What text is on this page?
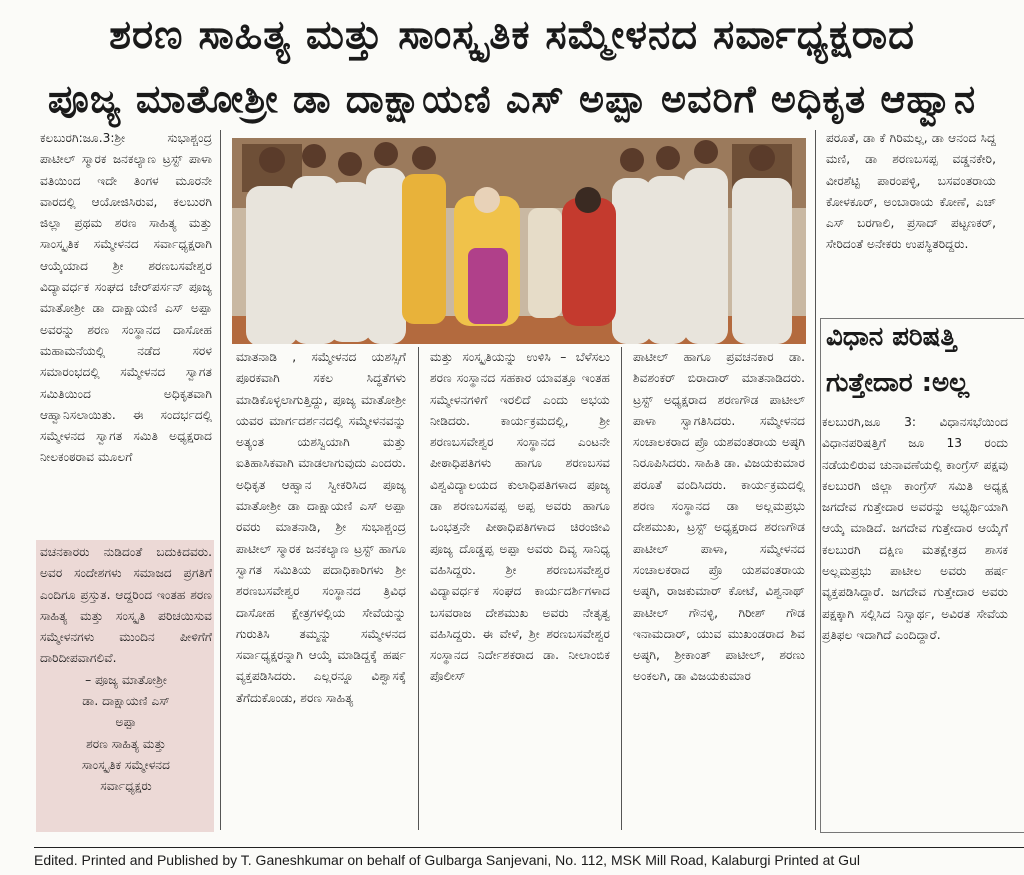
ಶರಣ ಸಾಹಿತ್ಯ ಮತ್ತು ಸಾಂಸ್ಕೃತಿಕ ಸಮ್ಮೇಳನದ ಸರ್ವಾಧ್ಯಕ್ಷರಾದ
ಪೂಜ್ಯ ಮಾತೋಶ್ರೀ ಡಾ ದಾಕ್ಷಾಯಣಿ ಎಸ್ ಅಪ್ಪಾ ಅವರಿಗೆ ಅಧಿಕೃತ ಆಹ್ವಾನ

ಕಲಬುರಗಿ:ಜೂ.3:ಶ್ರೀ ಸುಭಾಶ್ಚಂದ್ರ ಪಾಟೀಲ್ ಸ್ಮಾರಕ ಜನಕಲ್ಯಾಣ ಟ್ರಸ್ಟ್ ಪಾಳಾ ವತಿಯಿಂದ ಇದೇ ತಿಂಗಳ ಮೂರನೇ ವಾರದಲ್ಲಿ ಆಯೋಜಿಸಿರುವ, ಕಲಬುರಗಿ ಜಿಲ್ಲಾ ಪ್ರಥಮ ಶರಣ ಸಾಹಿತ್ಯ ಮತ್ತು ಸಾಂಸ್ಕೃತಿಕ ಸಮ್ಮೇಳನದ ಸರ್ವಾಧ್ಯಕ್ಷರಾಗಿ ಆಯ್ಕೆಯಾದ ಶ್ರೀ ಶರಣಬಸವೇಶ್ವರ ವಿದ್ಯಾವರ್ಧಕ ಸಂಘದ ಚೇರ್‌ಪರ್ಸನ್ ಪೂಜ್ಯ ಮಾತೋಶ್ರೀ ಡಾ ದಾಕ್ಷಾಯಣಿ ಎಸ್ ಅಪ್ಪಾ ಅವರನ್ನು ಶರಣ ಸಂಸ್ಥಾನದ ದಾಸೋಹ ಮಹಾಮನೆಯಲ್ಲಿ ನಡೆದ ಸರಳ ಸಮಾರಂಭದಲ್ಲಿ ಸಮ್ಮೇಳನದ ಸ್ವಾಗತ ಸಮಿತಿಯಿಂದ ಅಧಿಕೃತವಾಗಿ ಆಹ್ವಾನಿಸಲಾಯಿತು. ಈ ಸಂದರ್ಭದಲ್ಲಿ ಸಮ್ಮೇಳನದ ಸ್ವಾಗತ ಸಮಿತಿ ಅಧ್ಯಕ್ಷರಾದ ನೀಲಕಂಠರಾವ ಮೂಲಗೆ

ವಚನಕಾರರು ನುಡಿದಂತೆ ಬದುಕಿದವರು. ಅವರ ಸಂದೇಶಗಳು ಸಮಾಜದ ಪ್ರಗತಿಗೆ ಎಂದಿಗೂ ಪ್ರಸ್ತುತ. ಆದ್ದರಿಂದ ಇಂತಹ ಶರಣ ಸಾಹಿತ್ಯ ಮತ್ತು ಸಂಸ್ಕೃತಿ ಪರಿಚಯಿಸುವ ಸಮ್ಮೇಳನಗಳು ಮುಂದಿನ ಪೀಳಿಗೆಗೆ ದಾರಿದೀಪವಾಗಲಿವೆ.

– ಪೂಜ್ಯ ಮಾತೋಶ್ರೀ

ಡಾ. ದಾಕ್ಷಾಯಣಿ ಎಸ್

ಅಪ್ಪಾ

ಶರಣ ಸಾಹಿತ್ಯ ಮತ್ತು

ಸಾಂಸ್ಕೃತಿಕ ಸಮ್ಮೇಳನದ

ಸರ್ವಾಧ್ಯಕ್ಷರು

ಮಾತನಾಡಿ , ಸಮ್ಮೇಳನದ ಯಶಸ್ಸಿಗೆ ಪೂರಕವಾಗಿ ಸಕಲ ಸಿದ್ಧತೆಗಳು ಮಾಡಿಕೊಳ್ಳಲಾಗುತ್ತಿದ್ದು, ಪೂಜ್ಯ ಮಾತೋಶ್ರೀ ಯವರ ಮಾರ್ಗದರ್ಶನದಲ್ಲಿ ಸಮ್ಮೇಳನವನ್ನು ಅತ್ಯಂತ ಯಶಸ್ವಿಯಾಗಿ ಮತ್ತು ಐತಿಹಾಸಿಕವಾಗಿ ಮಾಡಲಾಗುವುದು ಎಂದರು. ಅಧಿಕೃತ ಆಹ್ವಾನ ಸ್ವೀಕರಿಸಿದ ಪೂಜ್ಯ ಮಾತೋಶ್ರೀ ಡಾ ದಾಕ್ಷಾಯಣಿ ಎಸ್ ಅಪ್ಪಾ ರವರು ಮಾತನಾಡಿ, ಶ್ರೀ ಸುಭಾಶ್ಚಂದ್ರ ಪಾಟೀಲ್ ಸ್ಮಾರಕ ಜನಕಲ್ಯಾಣ ಟ್ರಸ್ಟ್ ಹಾಗೂ ಸ್ವಾಗತ ಸಮಿತಿಯ ಪದಾಧಿಕಾರಿಗಳು ಶ್ರೀ ಶರಣಬಸವೇಶ್ವರ ಸಂಸ್ಥಾನದ ತ್ರಿವಿಧ ದಾಸೋಹ ಕ್ಷೇತ್ರಗಳಲ್ಲಿಯ ಸೇವೆಯನ್ನು ಗುರುತಿಸಿ ತಮ್ಮನ್ನು ಸಮ್ಮೇಳನದ ಸರ್ವಾಧ್ಯಕ್ಷರನ್ನಾಗಿ ಆಯ್ಕೆ ಮಾಡಿದ್ದಕ್ಕೆ ಹರ್ಷ ವ್ಯಕ್ತಪಡಿಸಿದರು. ಎಲ್ಲರನ್ನೂ ವಿಶ್ವಾಸಕ್ಕೆ ತೆಗೆದುಕೊಂಡು, ಶರಣ ಸಾಹಿತ್ಯ

ಮತ್ತು ಸಂಸ್ಕೃತಿಯನ್ನು ಉಳಿಸಿ – ಬೆಳೆಸಲು ಶರಣ ಸಂಸ್ಥಾನದ ಸಹಕಾರ ಯಾವತ್ತೂ ಇಂತಹ ಸಮ್ಮೇಳನಗಳಿಗೆ ಇರಲಿದೆ ಎಂದು ಅಭಯ ನೀಡಿದರು. ಕಾರ್ಯಕ್ರಮದಲ್ಲಿ, ಶ್ರೀ ಶರಣಬಸವೇಶ್ವರ ಸಂಸ್ಥಾನದ ಎಂಟನೇ ಪೀಠಾಧಿಪತಿಗಳು ಹಾಗೂ ಶರಣಬಸವ ವಿಶ್ವವಿದ್ಯಾಲಯದ ಕುಲಾಧಿಪತಿಗಳಾದ ಪೂಜ್ಯ ಡಾ ಶರಣಬಸವಪ್ಪ ಅಪ್ಪ ಅವರು ಹಾಗೂ ಒಂಭತ್ತನೇ ಪೀಠಾಧಿಪತಿಗಳಾದ ಚಿರಂಜೀವಿ ಪೂಜ್ಯ ದೊಡ್ಡಪ್ಪ ಅಪ್ಪಾ ಅವರು ದಿವ್ಯ ಸಾನಿಧ್ಯ ವಹಿಸಿದ್ದರು. ಶ್ರೀ ಶರಣಬಸವೇಶ್ವರ ವಿದ್ಯಾವರ್ಧಕ ಸಂಘದ ಕಾರ್ಯದರ್ಶಿಗಳಾದ ಬಸವರಾಜ ದೇಶಮುಖ ಅವರು ನೇತೃತ್ವ ವಹಿಸಿದ್ದರು. ಈ ವೇಳೆ, ಶ್ರೀ ಶರಣಬಸವೇಶ್ವರ ಸಂಸ್ಥಾನದ ನಿರ್ದೇಶಕರಾದ ಡಾ. ನೀಲಾಂಬಿಕ ಪೊಲೀಸ್

ಪಾಟೀಲ್ ಹಾಗೂ ಪ್ರವಚನಕಾರ ಡಾ. ಶಿವಶಂಕರ್ ಬಿರಾದಾರ್ ಮಾತನಾಡಿದರು. ಟ್ರಸ್ಟ್ ಅಧ್ಯಕ್ಷರಾದ ಶರಣಗೌಡ ಪಾಟೀಲ್ ಪಾಳಾ ಸ್ವಾಗತಿಸಿದರು. ಸಮ್ಮೇಳನದ ಸಂಚಾಲಕರಾದ ಪ್ರೊ ಯಶವಂತರಾಯ ಅಷ್ಠಗಿ ನಿರೂಪಿಸಿದರು. ಸಾಹಿತಿ ಡಾ. ವಿಜಯಕುಮಾರ ಪರೂತೆ ವಂದಿಸಿದರು. ಕಾರ್ಯಕ್ರಮದಲ್ಲಿ ಶರಣ ಸಂಸ್ಥಾನದ ಡಾ ಅಲ್ಲಮಪ್ರಭು ದೇಶಮುಖ, ಟ್ರಸ್ಟ್ ಅಧ್ಯಕ್ಷರಾದ ಶರಣಗೌಡ ಪಾಟೀಲ್ ಪಾಳಾ, ಸಮ್ಮೇಳನದ ಸಂಚಾಲಕರಾದ ಪ್ರೊ ಯಶವಂತರಾಯ ಅಷ್ಠಗಿ, ರಾಜಕುಮಾರ್ ಕೋಟೆ, ವಿಶ್ವನಾಥ್ ಪಾಟೀಲ್ ಗೌನಳ್ಳಿ, ಗಿರೀಶ್ ಗೌಡ ಇನಾಮದಾರ್, ಯುವ ಮುಖಂಡರಾದ ಶಿವ ಅಷ್ಠಗಿ, ಶ್ರೀಕಾಂತ್ ಪಾಟೀಲ್, ಶರಣು ಅಂಕಲಗಿ, ಡಾ ವಿಜಯಕುಮಾರ

ಪರೂತೆ, ಡಾ ಕೆ ಗಿರಿಮಲ್ಲ, ಡಾ ಆನಂದ ಸಿದ್ದ ಮಣಿ, ಡಾ ಶರಣಬಸಪ್ಪ ವಡ್ಡನಕೇರಿ, ವೀರಶೆಟ್ಟಿ ಪಾರಂಪಳ್ಳಿ, ಬಸವಂತರಾಯ ಕೋಳಕೂರ್, ಅಂಬಾರಾಯ ಕೋಣೆ, ಎಚ್ ಎಸ್ ಬರಗಾಲಿ, ಪ್ರಸಾದ್ ಪಟ್ಟಣಕರ್, ಸೇರಿದಂತೆ ಅನೇಕರು ಉಪಸ್ಥಿತರಿದ್ದರು.

ವಿಧಾನ ಪರಿಷತ್ತಿ
ಗುತ್ತೇದಾರ :ಅಲ್ಲ

ಕಲಬುರಗಿ,ಜೂ 3: ವಿಧಾನಸಭೆಯಿಂದ ವಿಧಾನಪರಿಷತ್ತಿಗೆ ಜೂ 13 ರಂದು ನಡೆಯಲಿರುವ ಚುನಾವಣೆಯಲ್ಲಿ ಕಾಂಗ್ರೆಸ್ ಪಕ್ಷವು ಕಲಬುರಗಿ ಜಿಲ್ಲಾ ಕಾಂಗ್ರೆಸ್ ಸಮಿತಿ ಅಧ್ಯಕ್ಷ ಜಗದೇವ ಗುತ್ತೇದಾರ ಅವರನ್ನು ಅಭ್ಯರ್ಥಿಯಾಗಿ ಆಯ್ಕೆ ಮಾಡಿದೆ. ಜಗದೇವ ಗುತ್ತೇದಾರ ಆಯ್ಕೆಗೆ ಕಲಬುರಗಿ ದಕ್ಷಿಣ ಮತಕ್ಷೇತ್ರದ ಶಾಸಕ ಅಲ್ಲಮಪ್ರಭು ಪಾಟೀಲ ಅವರು ಹರ್ಷ ವ್ಯಕ್ತಪಡಿಸಿದ್ದಾರೆ. ಜಗದೇವ ಗುತ್ತೇದಾರ ಅವರು ಪಕ್ಷಕ್ಕಾಗಿ ಸಲ್ಲಿಸಿದ ನಿಸ್ವಾರ್ಥ, ಅವಿರತ ಸೇವೆಯ ಪ್ರತಿಫಲ ಇದಾಗಿದೆ ಎಂದಿದ್ದಾರೆ.

Edited. Printed and Published by T. Ganeshkumar on behalf of Gulbarga Sanjevani, No. 112, MSK Mill Road, Kalaburgi Printed at Gul
